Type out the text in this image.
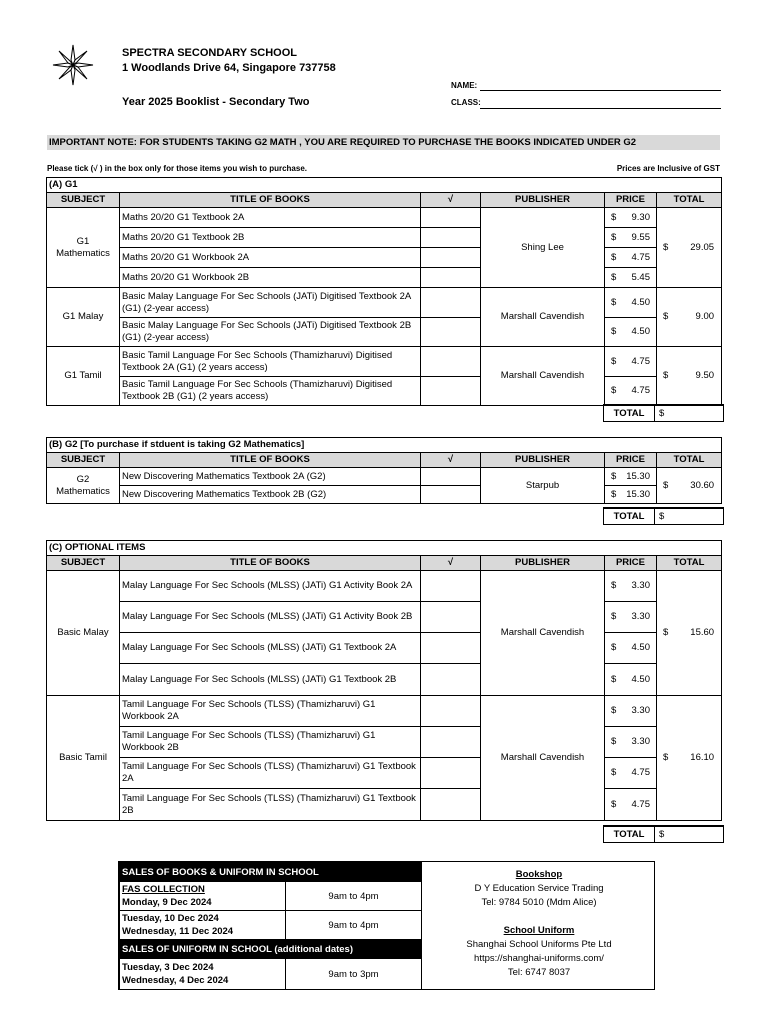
SPECTRA SECONDARY SCHOOL
1 Woodlands Drive 64, Singapore 737758
Year 2025 Booklist - Secondary Two
NAME:
CLASS:
IMPORTANT NOTE: FOR STUDENTS TAKING G2 MATH , YOU ARE REQUIRED TO PURCHASE THE BOOKS INDICATED UNDER G2
Please tick (√ ) in the box only for those items you wish to purchase.	Prices are Inclusive of GST
(A) G1					
SUBJECT	TITLE OF BOOKS	√	PUBLISHER	PRICE	TOTAL
G1 Mathematics	Maths 20/20 G1 Textbook 2A		Shing Lee	$ 9.30	$ 29.05

	Maths 20/20 G1 Textbook 2B			$ 9.55	

	Maths 20/20 G1 Workbook 2A			$ 4.75	

	Maths 20/20 G1 Workbook 2B			$ 5.45	

G1 Malay	Basic Malay Language For Sec Schools (JATi) Digitised Textbook 2A (G1) (2-year access)		Marshall Cavendish	$ 4.50	$ 9.00

	Basic Malay Language For Sec Schools (JATi) Digitised Textbook 2B (G1) (2-year access)			$ 4.50	

G1 Tamil	Basic Tamil Language For Sec Schools (Thamizharuvi) Digitised Textbook 2A (G1) (2 years access)		Marshall Cavendish	$ 4.75	$ 9.50

	Basic Tamil Language For Sec Schools (Thamizharuvi) Digitised Textbook 2B (G1) (2 years access)			$ 4.75	
TOTAL	$
(B) G2 [To purchase if stduent is taking G2 Mathematics]					
SUBJECT	TITLE OF BOOKS	√	PUBLISHER	PRICE	TOTAL
G2 Mathematics	New Discovering Mathematics Textbook 2A (G2)		Starpub	$ 15.30	$ 30.60

	New Discovering Mathematics Textbook 2B (G2)			$ 15.30	
TOTAL	$
(C) OPTIONAL ITEMS					
SUBJECT	TITLE OF BOOKS	√	PUBLISHER	PRICE	TOTAL
Basic Malay	Malay Language For Sec Schools (MLSS) (JATi) G1 Activity Book 2A		Marshall Cavendish	$ 3.30	$ 15.60

	Malay Language For Sec Schools (MLSS) (JATi) G1 Activity Book 2B			$ 3.30	

	Malay Language For Sec Schools (MLSS) (JATi) G1 Textbook 2A			$ 4.50	

	Malay Language For Sec Schools (MLSS) (JATi) G1 Textbook 2B			$ 4.50	

Basic Tamil	Tamil Language For Sec Schools (TLSS) (Thamizharuvi) G1 Workbook 2A		Marshall Cavendish	$ 3.30	$ 16.10

	Tamil Language For Sec Schools (TLSS) (Thamizharuvi) G1 Workbook 2B			$ 3.30	

	Tamil Language For Sec Schools (TLSS) (Thamizharuvi) G1 Textbook 2A			$ 4.75	

	Tamil Language For Sec Schools (TLSS) (Thamizharuvi) G1 Textbook 2B			$ 4.75	
TOTAL	$
SALES OF BOOKS & UNIFORM IN SCHOOL	

FAS COLLECTION
Monday, 9 Dec 2024	9am to 4pm

Tuesday, 10 Dec 2024
Wednesday, 11 Dec 2024	9am to 4pm
SALES OF UNIFORM IN SCHOOL (additional dates)	

Tuesday, 3 Dec 2024
Wednesday, 4 Dec 2024	9am to 3pm
Bookshop
D Y Education Service Trading
Tel: 9784 5010 (Mdm Alice)
School Uniform
Shanghai School Uniforms Pte Ltd
https://shanghai-uniforms.com/
Tel: 6747 8037
